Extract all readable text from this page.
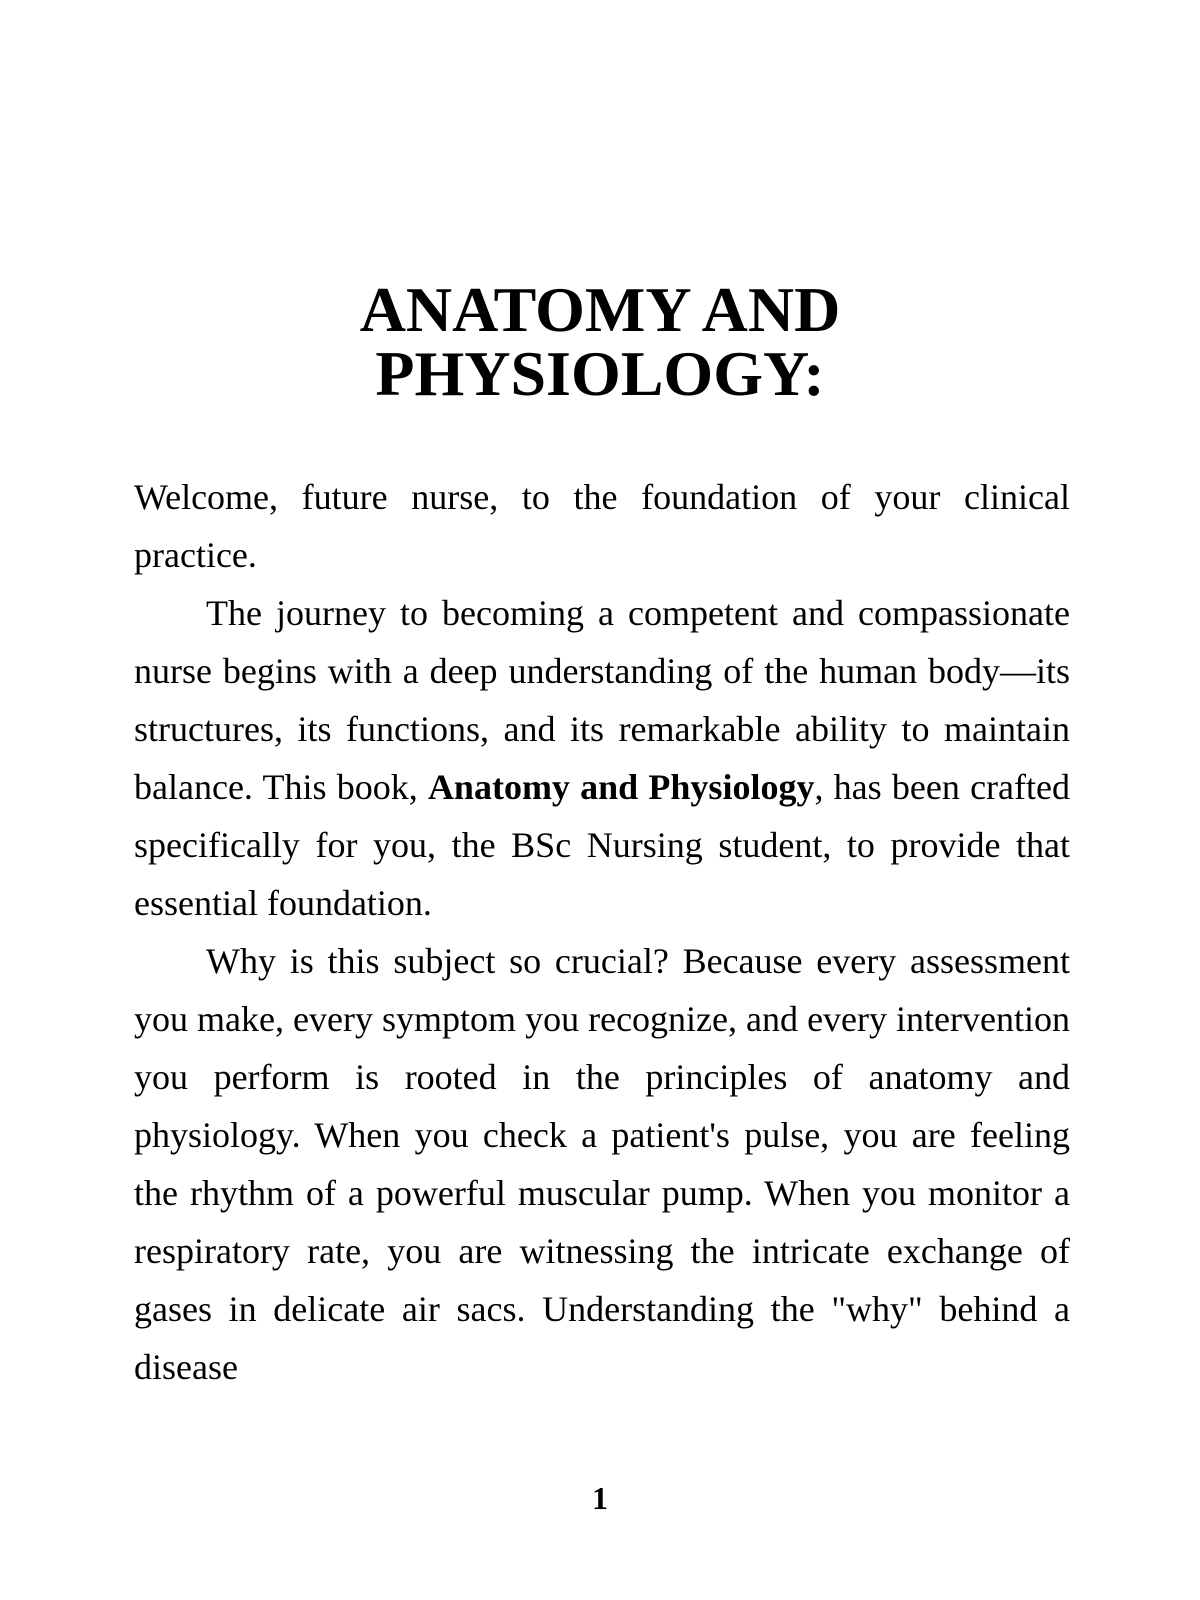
ANATOMY AND
PHYSIOLOGY:

Welcome, future nurse, to the foundation of your clinical practice.

The journey to becoming a competent and compassionate nurse begins with a deep understanding of the human body—its structures, its functions, and its remarkable ability to maintain balance. This book, Anatomy and Physiology, has been crafted specifically for you, the BSc Nursing student, to provide that essential foundation.

Why is this subject so crucial? Because every assessment you make, every symptom you recognize, and every intervention you perform is rooted in the principles of anatomy and physiology. When you check a patient's pulse, you are feeling the rhythm of a powerful muscular pump. When you monitor a respiratory rate, you are witnessing the intricate exchange of gases in delicate air sacs. Understanding the "why" behind a disease

1
